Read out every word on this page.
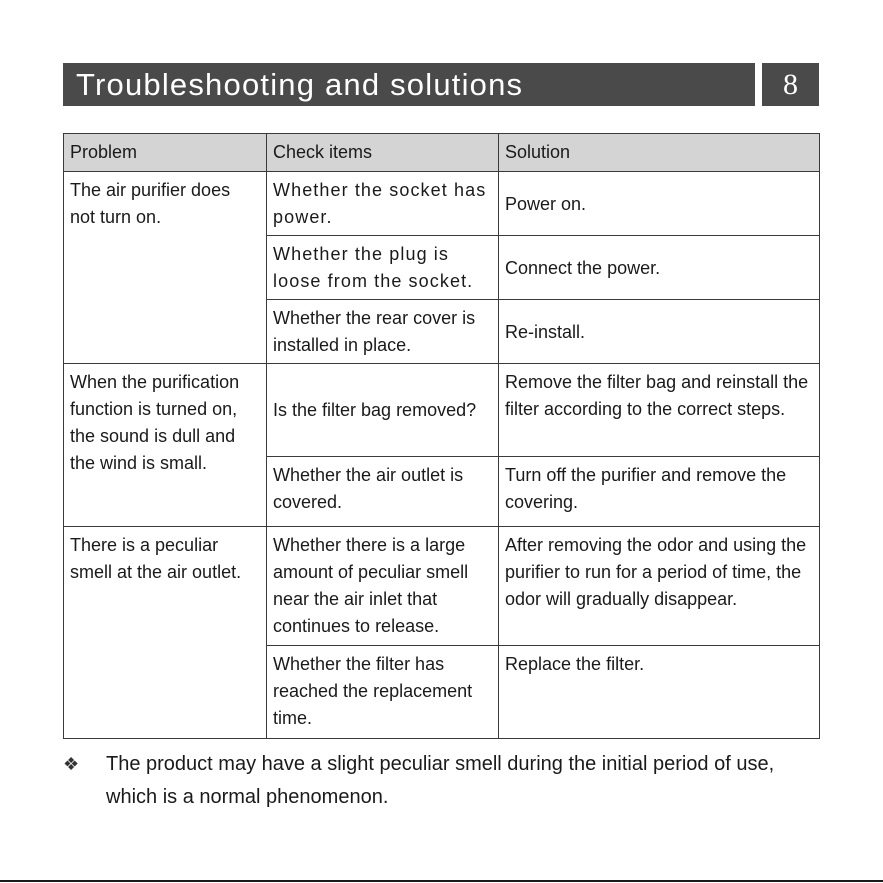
Troubleshooting and solutions	8
Problem	Check items	Solution
The air purifier does not turn on.	Whether the socket has power.	Power on.
	Whether the plug is loose from the socket.	Connect the power.
	Whether the rear cover is installed in place.	Re-install.
When the purification function is turned on, the sound is dull and the wind is small.	Is the filter bag removed?	Remove the filter bag and reinstall the filter according to the correct steps.
	Whether the air outlet is covered.	Turn off the purifier and remove the covering.
There is a peculiar smell at the air outlet.	Whether there is a large amount of peculiar smell near the air inlet that continues to release.	After removing the odor and using the purifier to run for a period of time, the odor will gradually disappear.
	Whether the filter has reached the replacement time.	Replace the filter.
❖	The product may have a slight peculiar smell during the initial period of use, which is a normal phenomenon.
